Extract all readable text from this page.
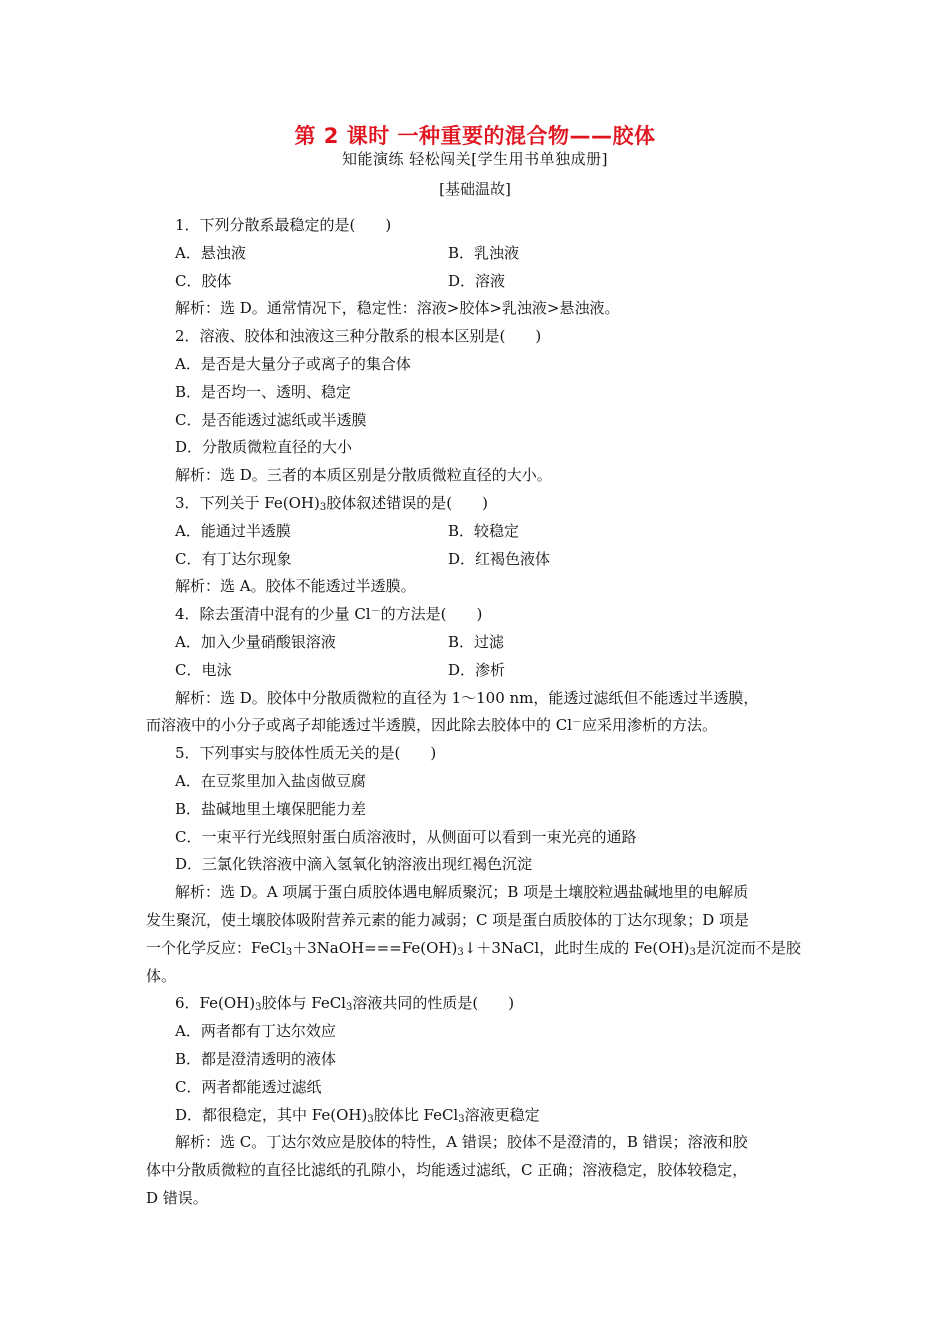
第 2 课时 一种重要的混合物——胶体
知能演练 轻松闯关[学生用书单独成册]
[基础温故]
1．下列分散系最稳定的是(　　)
A．悬浊液	B．乳浊液
C．胶体	D．溶液
解析：选 D。通常情况下，稳定性：溶液>胶体>乳浊液>悬浊液。
2．溶液、胶体和浊液这三种分散系的根本区别是(　　)
A．是否是大量分子或离子的集合体
B．是否均一、透明、稳定
C．是否能透过滤纸或半透膜
D．分散质微粒直径的大小
解析：选 D。三者的本质区别是分散质微粒直径的大小。
3．下列关于 $Fe(OH)_3$胶体叙述错误的是(　　)
A．能通过半透膜	B．较稳定
C．有丁达尔现象	D．红褐色液体
解析：选 A。胶体不能透过半透膜。
4．除去蛋清中混有的少量 Cl－的方法是(　　)
A．加入少量硝酸银溶液	B．过滤
C．电泳	D．渗析
解析：选 D。胶体中分散质微粒的直径为 1～100 nm，能透过滤纸但不能透过半透膜，
而溶液中的小分子或离子却能透过半透膜，因此除去胶体中的 Cl－应采用渗析的方法。
5．下列事实与胶体性质无关的是(　　)
A．在豆浆里加入盐卤做豆腐
B．盐碱地里土壤保肥能力差
C．一束平行光线照射蛋白质溶液时，从侧面可以看到一束光亮的通路
D．三氯化铁溶液中滴入氢氧化钠溶液出现红褐色沉淀
解析：选 D。A 项属于蛋白质胶体遇电解质聚沉；B 项是土壤胶粒遇盐碱地里的电解质
发生聚沉，使土壤胶体吸附营养元素的能力减弱；C 项是蛋白质胶体的丁达尔现象；D 项是
一个化学反应：$FeCl_3+3NaOH===Fe(OH)_3↓+3NaCl$，此时生成的 $Fe(OH)_3$是沉淀而不是胶
体。
6．$Fe(OH)_3$胶体与 FeCl$_3$溶液共同的性质是(　　)
A．两者都有丁达尔效应
B．都是澄清透明的液体
C．两者都能透过滤纸
D．都很稳定，其中 $Fe(OH)_3$胶体比 FeCl$_3$溶液更稳定
解析：选 C。丁达尔效应是胶体的特性，A 错误；胶体不是澄清的，B 错误；溶液和胶
体中分散质微粒的直径比滤纸的孔隙小，均能透过滤纸，C 正确；溶液稳定，胶体较稳定，
D 错误。
